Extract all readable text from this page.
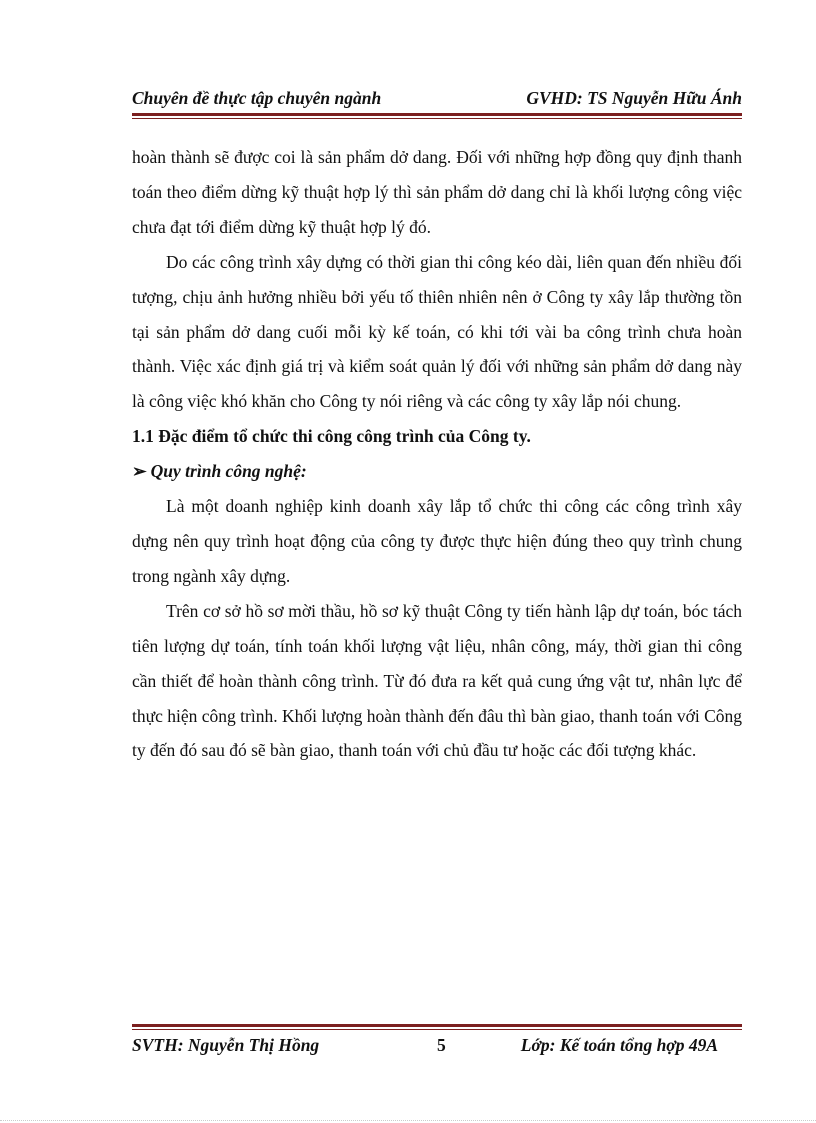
Chuyên đề thực tập chuyên ngành	GVHD: TS Nguyễn Hữu Ánh

hoàn thành sẽ được coi là sản phẩm dở dang. Đối với những hợp đồng quy định thanh toán theo điểm dừng kỹ thuật hợp lý thì sản phẩm dở dang chỉ là khối lượng công việc chưa đạt tới điểm dừng kỹ thuật hợp lý đó.

Do các công trình xây dựng có thời gian thi công kéo dài, liên quan đến nhiều đối tượng, chịu ảnh hưởng nhiều bởi yếu tố thiên nhiên nên ở Công ty xây lắp thường tồn tại sản phẩm dở dang cuối mỗi kỳ kế toán, có khi tới vài ba công trình chưa hoàn thành. Việc xác định giá trị và kiểm soát quản lý đối với những sản phẩm dở dang này là công việc khó khăn cho Công ty nói riêng và các công ty xây lắp nói chung.

1.1 Đặc điểm tổ chức thi công công trình của Công ty.

➢ Quy trình công nghệ:

Là một doanh nghiệp kinh doanh xây lắp tổ chức thi công các công trình xây dựng nên quy trình hoạt động của công ty được thực hiện đúng theo quy trình chung trong ngành xây dựng.

Trên cơ sở hồ sơ mời thầu, hồ sơ kỹ thuật Công ty tiến hành lập dự toán, bóc tách tiên lượng dự toán, tính toán khối lượng vật liệu, nhân công, máy, thời gian thi công cần thiết để hoàn thành công trình. Từ đó đưa ra kết quả cung ứng vật tư, nhân lực để thực hiện công trình. Khối lượng hoàn thành đến đâu thì bàn giao, thanh toán với Công ty đến đó sau đó sẽ bàn giao, thanh toán với chủ đầu tư hoặc các đối tượng khác.

SVTH: Nguyễn Thị Hồng	5	Lớp: Kế toán tổng hợp 49A
